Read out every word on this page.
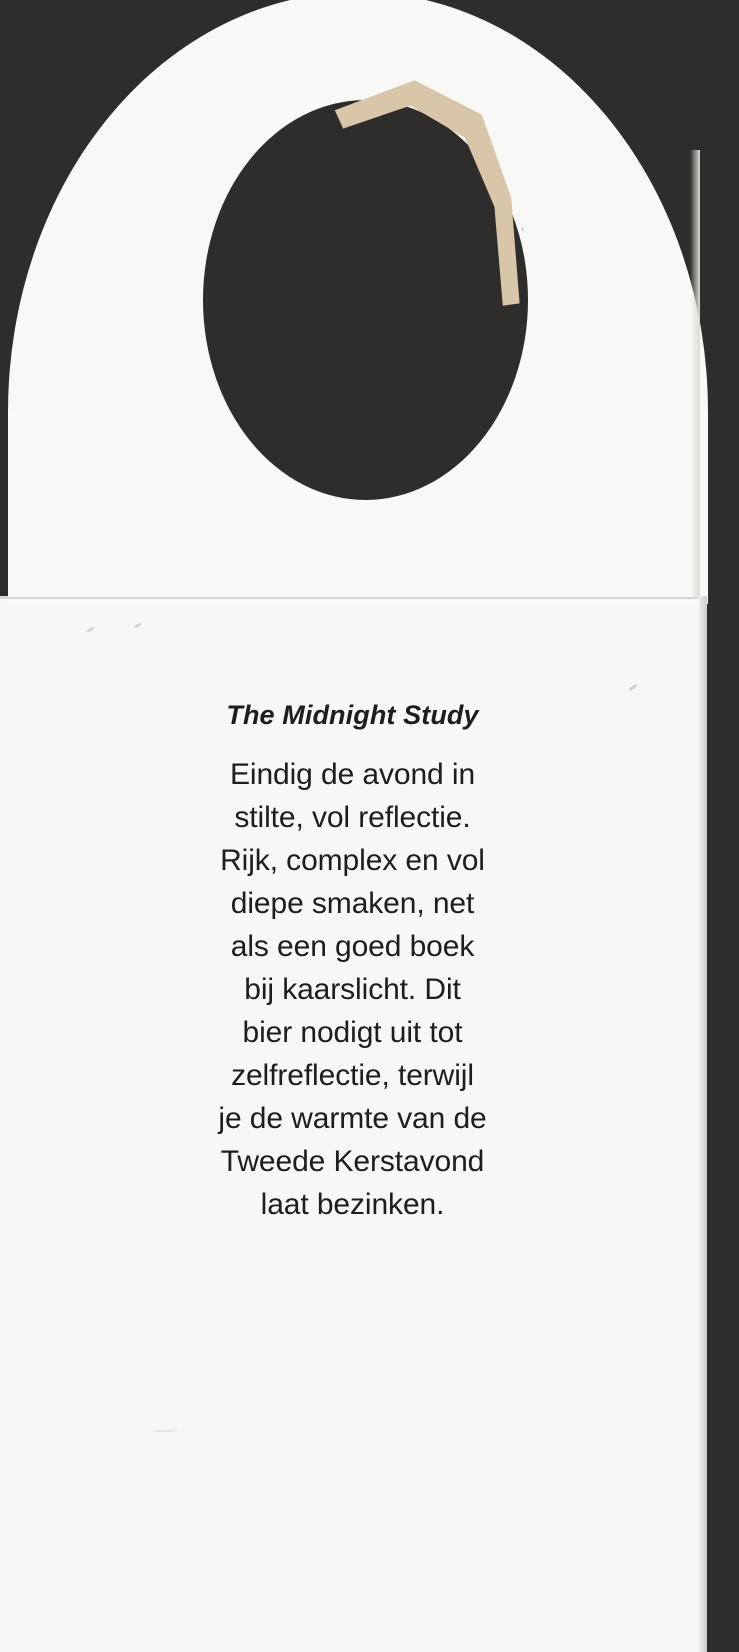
The Midnight Study
Eindig de avond in
stilte, vol reflectie.
Rijk, complex en vol
diepe smaken, net
als een goed boek
bij kaarslicht. Dit
bier nodigt uit tot
zelfreflectie, terwijl
je de warmte van de
Tweede Kerstavond
laat bezinken.
